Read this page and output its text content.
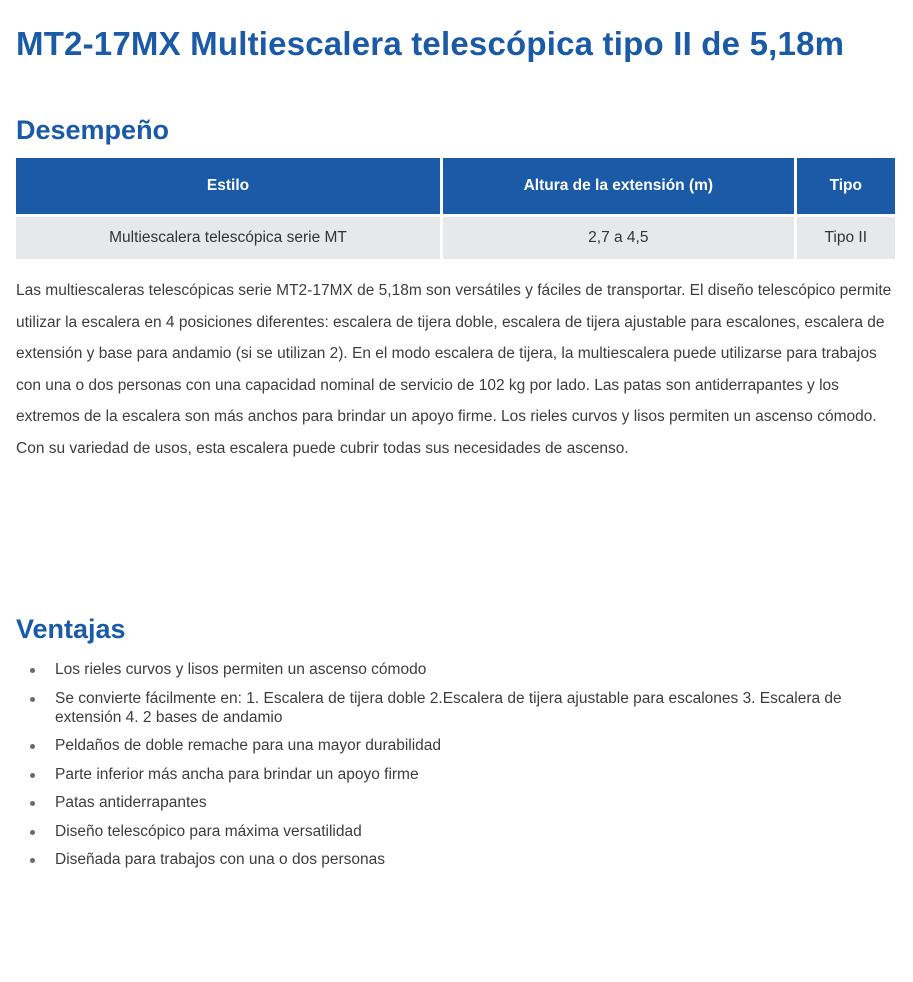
MT2-17MX Multiescalera telescópica tipo II de 5,18m
Desempeño
Estilo	Altura de la extensión (m)	Tipo
Multiescalera telescópica serie MT	2,7 a 4,5	Tipo II

Las multiescaleras telescópicas serie MT2-17MX de 5,18m son versátiles y fáciles de transportar. El diseño telescópico permite utilizar la escalera en 4 posiciones diferentes: escalera de tijera doble, escalera de tijera ajustable para escalones, escalera de extensión y base para andamio (si se utilizan 2). En el modo escalera de tijera, la multiescalera puede utilizarse para trabajos con una o dos personas con una capacidad nominal de servicio de 102 kg por lado. Las patas son antiderrapantes y los extremos de la escalera son más anchos para brindar un apoyo firme. Los rieles curvos y lisos permiten un ascenso cómodo. Con su variedad de usos, esta escalera puede cubrir todas sus necesidades de ascenso.

Ventajas
Los rieles curvos y lisos permiten un ascenso cómodo
Se convierte fácilmente en: 1. Escalera de tijera doble 2.Escalera de tijera ajustable para escalones 3. Escalera de extensión 4. 2 bases de andamio
Peldaños de doble remache para una mayor durabilidad
Parte inferior más ancha para brindar un apoyo firme
Patas antiderrapantes
Diseño telescópico para máxima versatilidad
Diseñada para trabajos con una o dos personas
